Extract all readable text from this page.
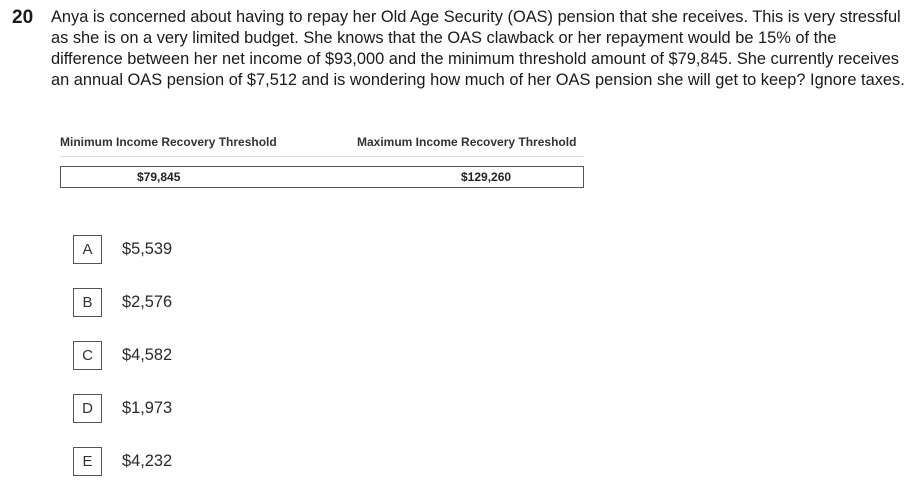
20 Anya is concerned about having to repay her Old Age Security (OAS) pension that she receives. This is very stressful as she is on a very limited budget. She knows that the OAS clawback or her repayment would be 15% of the difference between her net income of $93,000 and the minimum threshold amount of $79,845. She currently receives an annual OAS pension of $7,512 and is wondering how much of her OAS pension she will get to keep? Ignore taxes.
Minimum Income Recovery Threshold	Maximum Income Recovery Threshold
$79,845	$129,260
A	$5,539
B	$2,576
C	$4,582
D	$1,973
E	$4,232
